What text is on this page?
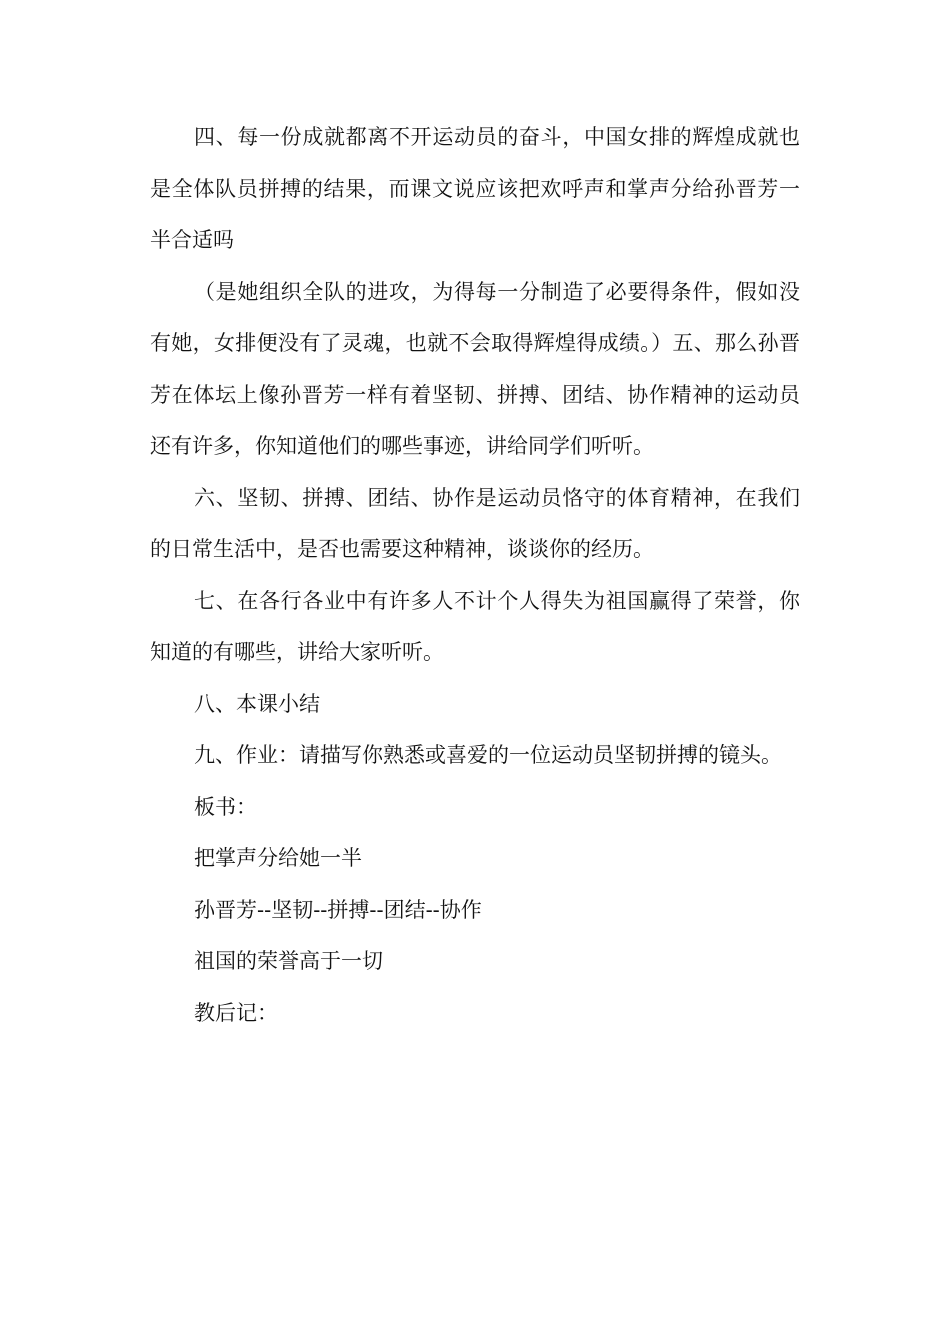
四、每一份成就都离不开运动员的奋斗，中国女排的辉煌成就也是全体队员拼搏的结果，而课文说应该把欢呼声和掌声分给孙晋芳一半合适吗

（是她组织全队的进攻，为得每一分制造了必要得条件，假如没有她，女排便没有了灵魂，也就不会取得辉煌得成绩。）五、那么孙晋芳在体坛上像孙晋芳一样有着坚韧、拼搏、团结、协作精神的运动员还有许多，你知道他们的哪些事迹，讲给同学们听听。

六、坚韧、拼搏、团结、协作是运动员恪守的体育精神，在我们的日常生活中，是否也需要这种精神，谈谈你的经历。

七、在各行各业中有许多人不计个人得失为祖国赢得了荣誉，你知道的有哪些，讲给大家听听。

八、本课小结

九、作业：请描写你熟悉或喜爱的一位运动员坚韧拼搏的镜头。

板书：

把掌声分给她一半

孙晋芳--坚韧--拼搏--团结--协作

祖国的荣誉高于一切

教后记：
